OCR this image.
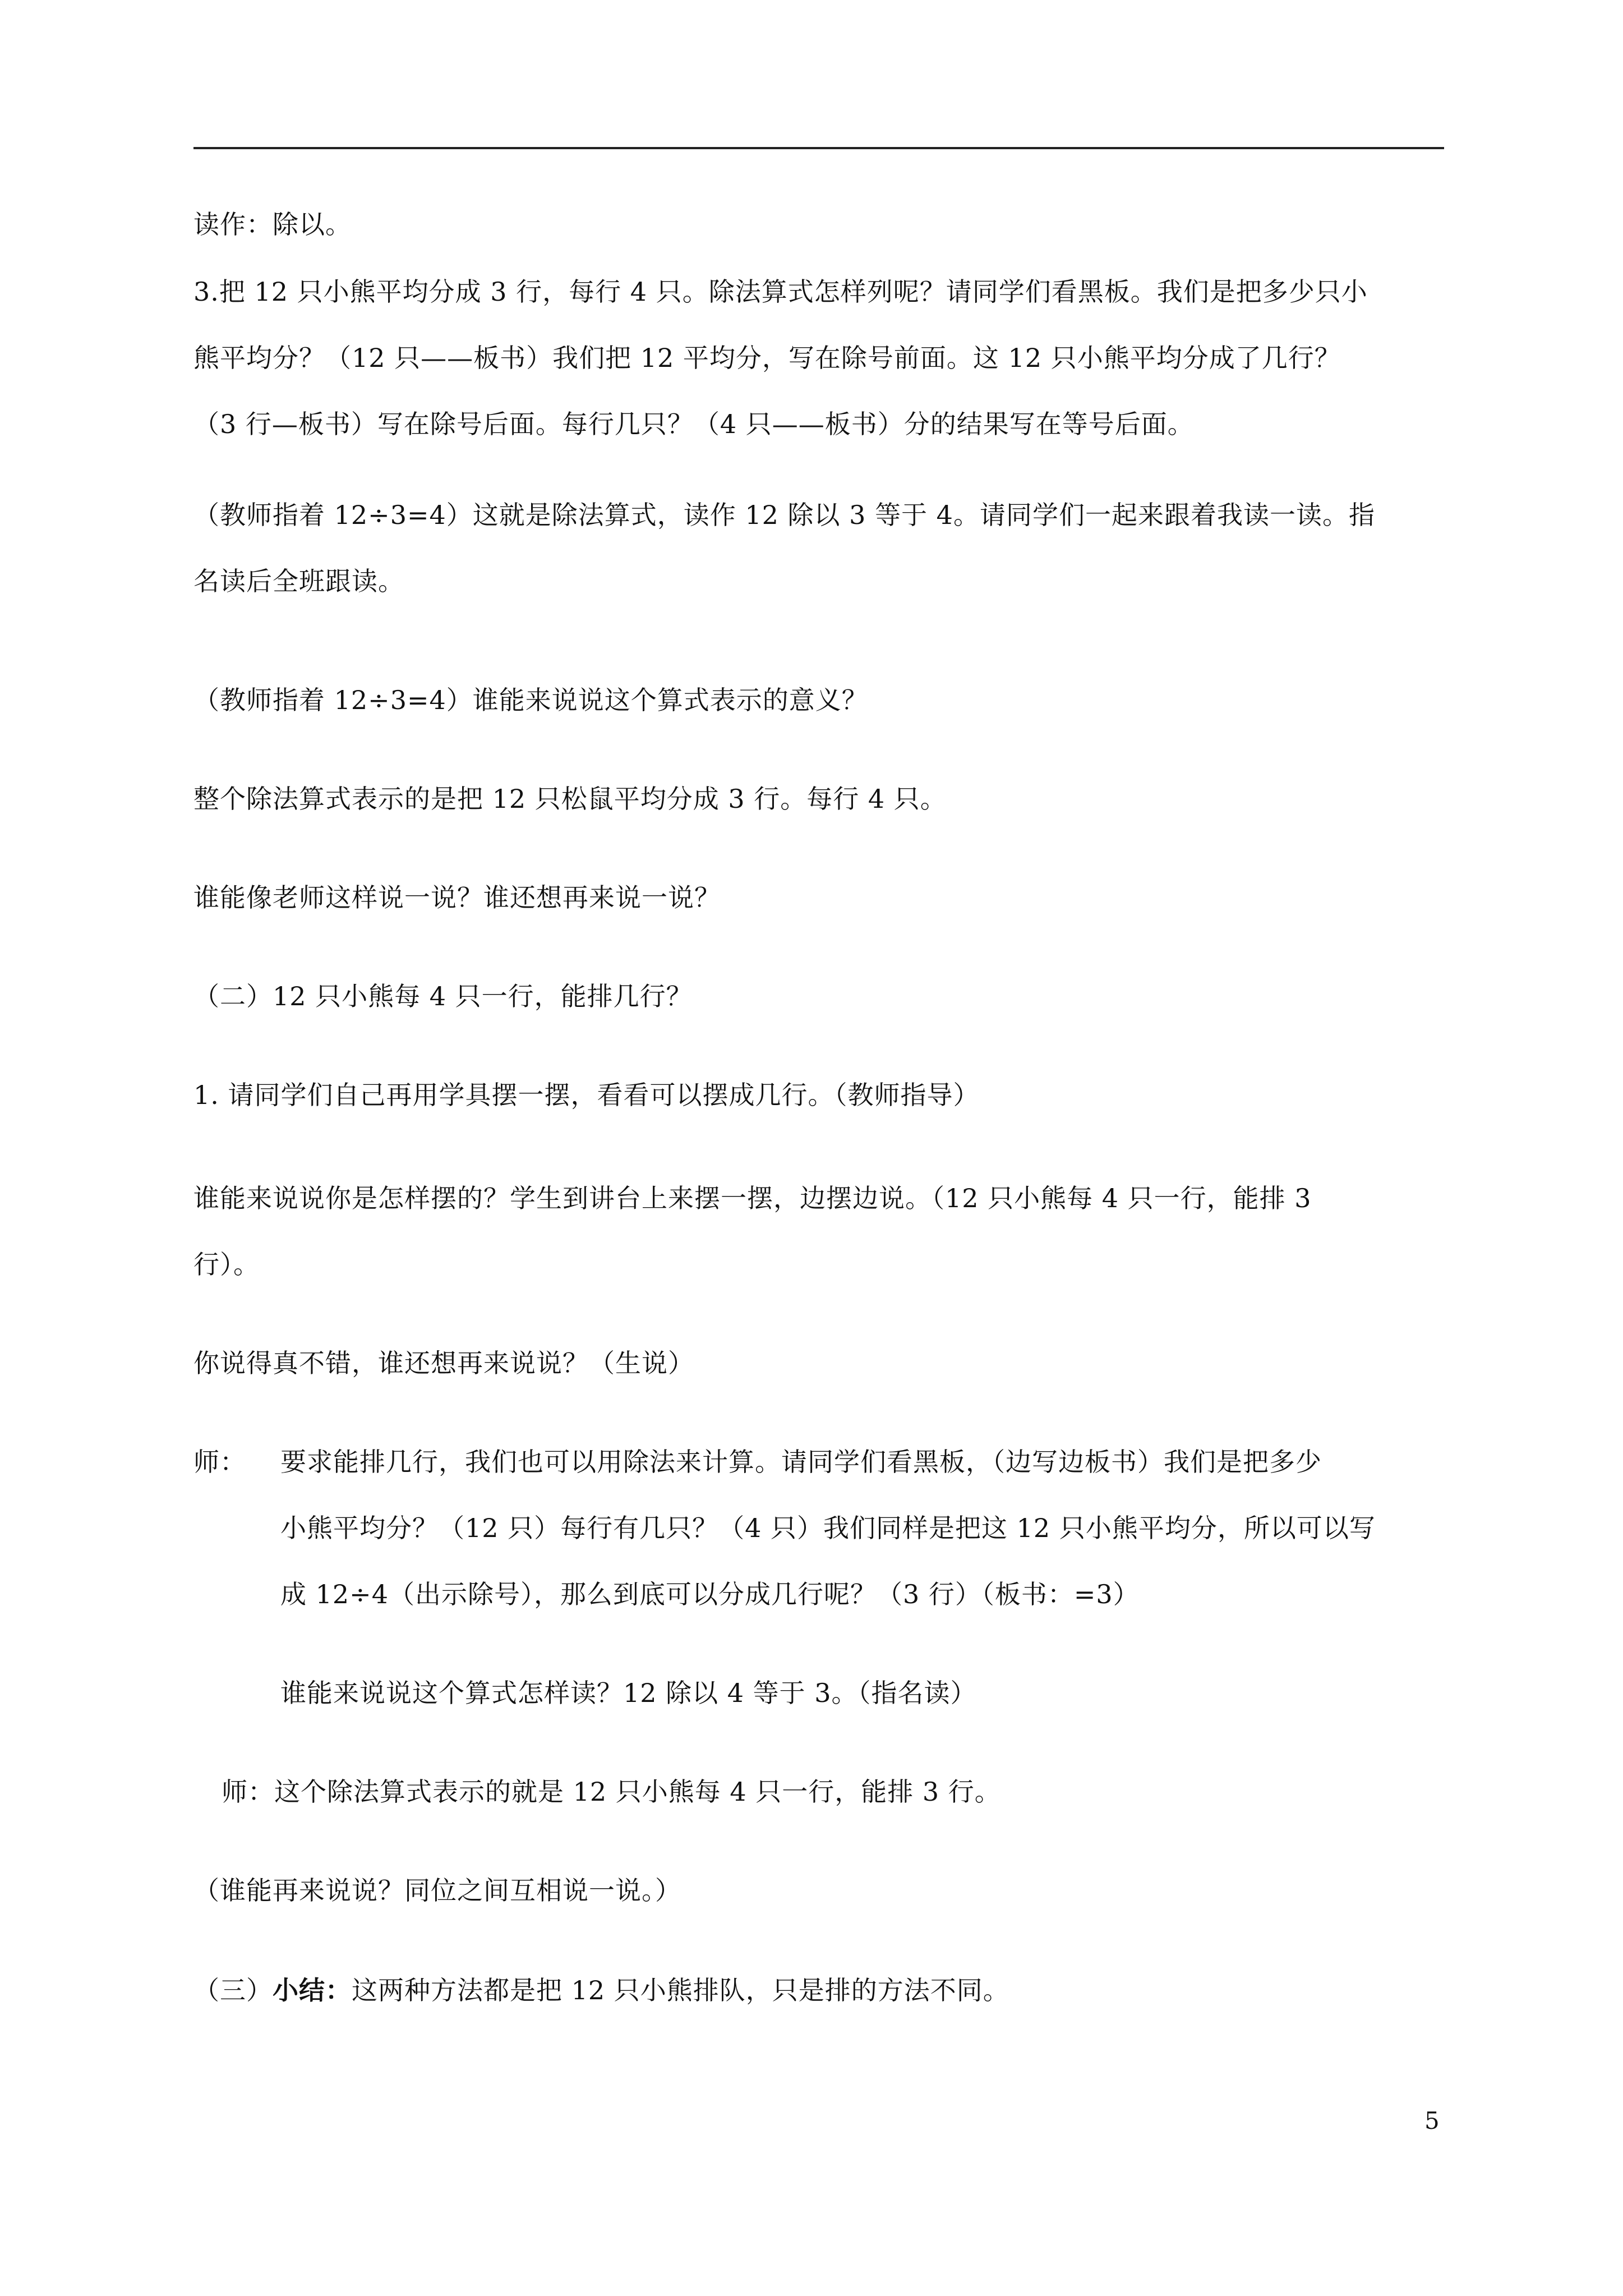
读作：除以。
3.把 12 只小熊平均分成 3 行，每行 4 只。除法算式怎样列呢？请同学们看黑板。我们是把多少只小
熊平均分？（12 只——板书）我们把 12 平均分，写在除号前面。这 12 只小熊平均分成了几行？
（3 行—板书）写在除号后面。每行几只？（4 只——板书）分的结果写在等号后面。
（教师指着 12÷3=4）这就是除法算式，读作 12 除以 3 等于 4。请同学们一起来跟着我读一读。指
名读后全班跟读。
（教师指着 12÷3=4）谁能来说说这个算式表示的意义？
整个除法算式表示的是把 12 只松鼠平均分成 3 行。每行 4 只。
谁能像老师这样说一说？谁还想再来说一说？
（二）12 只小熊每 4 只一行，能排几行？
1. 请同学们自己再用学具摆一摆，看看可以摆成几行。（教师指导）
谁能来说说你是怎样摆的？学生到讲台上来摆一摆，边摆边说。（12 只小熊每 4 只一行，能排 3
行）。
你说得真不错，谁还想再来说说？（生说）
师： 要求能排几行，我们也可以用除法来计算。请同学们看黑板，（边写边板书）我们是把多少
小熊平均分？（12 只）每行有几只？（4 只）我们同样是把这 12 只小熊平均分，所以可以写
成 12÷4（出示除号），那么到底可以分成几行呢？（3 行）（板书：=3）
谁能来说说这个算式怎样读？12 除以 4 等于 3。（指名读）
师：这个除法算式表示的就是 12 只小熊每 4 只一行，能排 3 行。
（谁能再来说说？同位之间互相说一说。）
（三）小结：这两种方法都是把 12 只小熊排队，只是排的方法不同。
5
